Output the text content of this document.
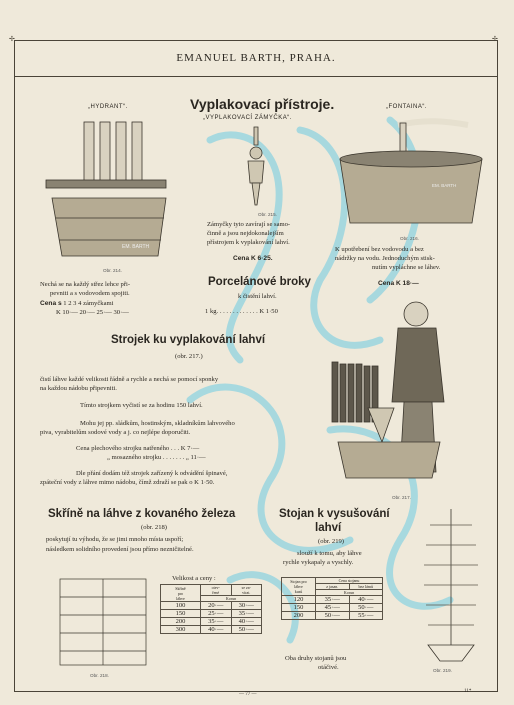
✢	✢
EMANUEL BARTH, PRAHA.
„HYDRANT“.
EM. BARTH
Obr. 214.
Nechá se na každý střez lehce při-
pevniti a s vodovodem spojiti.
Cena s 1 2 3 4 zámyčkami
K 10·— 20·— 25·— 30·—
Vyplakovací přístroje.
„VYPLAKOVACÍ ZÁMYČKA“.
Obr. 215.
Zámyčky tyto zavírají se samo-
činně a jsou nejdokonalejším
přístrojem k vyplakování lahví.
Cena K 6·25.
„FONTAINA“.
EM. BARTH
Obr. 216.
K upotřebení bez vodovodu a bez
nádržky na vodu. Jednoduchým stisk-
nutím vypláchne se láhev.
Cena K 18·—
Porcelánové broky
k čistění lahví.
1 kg. . . . . . . . . . . . . K 1·50
Strojek ku vyplakování lahví
(obr. 217.)
čistí láhve každé velikosti řádně a rychle a nechá se pomocí sponky
na každou nádobu připevniti.
Tímto strojkem vyčistí se za hodinu 150 lahví.
Mohu jej pp. sládkům, hostinským, skladníkům lahvového
piva, vyrabitelům sodové vody a j. co nejlépe doporučiti.
Cena plechového strojku natřeného . . . K 7·—
„ mosazného strojku . . . . . . . „ 11·—
Dle přání dodám též strojek zařízený k odvádění špinavé,
zpáteční vody z láhve mimo nádobu, čímž zdraží se pak o K 1·50.
Obr. 217.
Skříně na láhve z kovaného železa
(obr. 218)
poskytují tu výhodu, že se jimi mnoho místa uspoří;
následkem solidního provedení jsou přímo nezničitelné.
Velikost a ceny :
Obr. 218.
Skříně
pro
láhve	otev-
řené	se za-
vírat.
	Korun	
100	20·—	30·—
150	25·—	35·—
200	35·—	40·—
300	40·—	50·—
Stojan k vysušování
lahví
(obr. 219)
slouží k tomu, aby láhve
rychle vykapaly a vyschly.
Stojan pro
láhve
kusů	Cena stojanu	
	z jasan.	bez lámů
	Korun	
120	35·—	40·—
150	45·—	50·—
200	50·—	55·—
Oba druhy stojanů jsou
otáčivé.	Obr. 219.
— 77 —
11*
